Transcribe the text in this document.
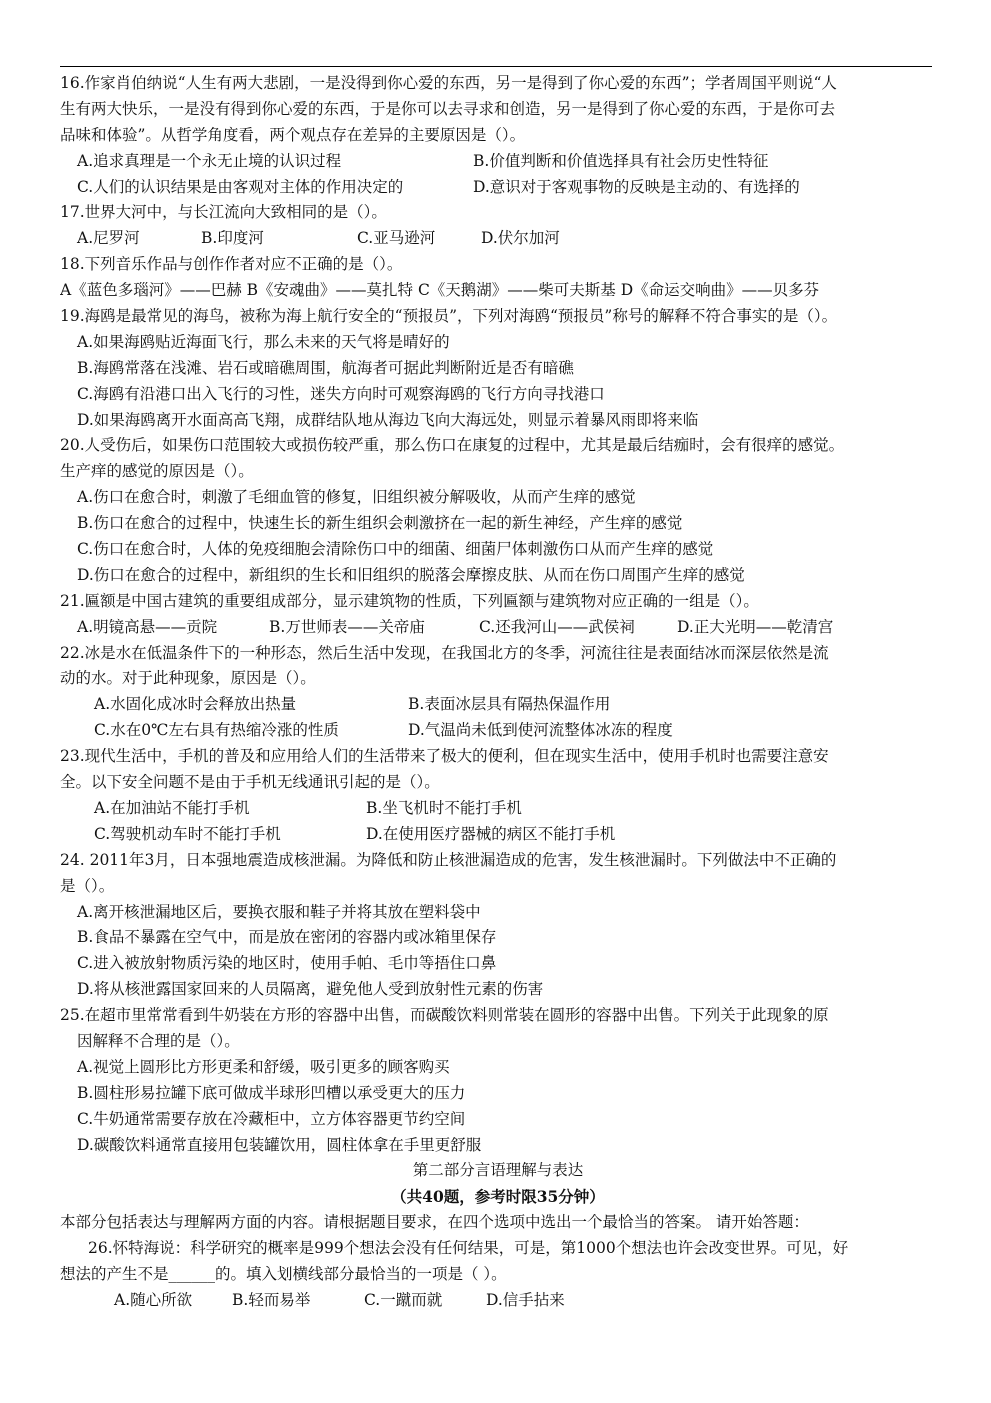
16.作家肖伯纳说“人生有两大悲剧，一是没得到你心爱的东西，另一是得到了你心爱的东西”；学者周国平则说“人
生有两大快乐，一是没有得到你心爱的东西，于是你可以去寻求和创造，另一是得到了你心爱的东西，于是你可去
品味和体验”。从哲学角度看，两个观点存在差异的主要原因是（）。
A.追求真理是一个永无止境的认识过程	B.价值判断和价值选择具有社会历史性特征
C.人们的认识结果是由客观对主体的作用决定的	D.意识对于客观事物的反映是主动的、有选择的
17.世界大河中，与长江流向大致相同的是（）。
A.尼罗河	B.印度河	C.亚马逊河	D.伏尔加河
18.下列音乐作品与创作作者对应不正确的是（）。
A《蓝色多瑙河》——巴赫 B《安魂曲》——莫扎特 C《天鹅湖》——柴可夫斯基 D《命运交响曲》——贝多芬
19.海鸥是最常见的海鸟，被称为海上航行安全的“预报员”，下列对海鸥“预报员”称号的解释不符合事实的是（）。
A.如果海鸥贴近海面飞行，那么未来的天气将是晴好的
B.海鸥常落在浅滩、岩石或暗礁周围，航海者可据此判断附近是否有暗礁
C.海鸥有沿港口出入飞行的习性，迷失方向时可观察海鸥的飞行方向寻找港口
D.如果海鸥离开水面高高飞翔，成群结队地从海边飞向大海远处，则显示着暴风雨即将来临
20.人受伤后，如果伤口范围较大或损伤较严重，那么伤口在康复的过程中，尤其是最后结痂时，会有很痒的感觉。
生产痒的感觉的原因是（）。
A.伤口在愈合时，刺激了毛细血管的修复，旧组织被分解吸收，从而产生痒的感觉
B.伤口在愈合的过程中，快速生长的新生组织会刺激挤在一起的新生神经，产生痒的感觉
C.伤口在愈合时，人体的免疫细胞会清除伤口中的细菌、细菌尸体刺激伤口从而产生痒的感觉
D.伤口在愈合的过程中，新组织的生长和旧组织的脱落会摩擦皮肤、从而在伤口周围产生痒的感觉
21.匾额是中国古建筑的重要组成部分，显示建筑物的性质，下列匾额与建筑物对应正确的一组是（）。
A.明镜高悬——贡院	B.万世师表——关帝庙	C.还我河山——武侯祠	D.正大光明——乾清宫
22.冰是水在低温条件下的一种形态，然后生活中发现，在我国北方的冬季，河流往往是表面结冰而深层依然是流
动的水。对于此种现象，原因是（）。
A.水固化成冰时会释放出热量	B.表面冰层具有隔热保温作用
C.水在0℃左右具有热缩冷涨的性质	D.气温尚未低到使河流整体冰冻的程度
23.现代生活中，手机的普及和应用给人们的生活带来了极大的便利，但在现实生活中，使用手机时也需要注意安
全。以下安全问题不是由于手机无线通讯引起的是（）。
A.在加油站不能打手机	B.坐飞机时不能打手机
C.驾驶机动车时不能打手机	D.在使用医疗器械的病区不能打手机
24. 2011年3月，日本强地震造成核泄漏。为降低和防止核泄漏造成的危害，发生核泄漏时。下列做法中不正确的
是（）。
A.离开核泄漏地区后，要换衣服和鞋子并将其放在塑料袋中
B.食品不暴露在空气中，而是放在密闭的容器内或冰箱里保存
C.进入被放射物质污染的地区时，使用手帕、毛巾等捂住口鼻
D.将从核泄露国家回来的人员隔离，避免他人受到放射性元素的伤害
25.在超市里常常看到牛奶装在方形的容器中出售，而碳酸饮料则常装在圆形的容器中出售。下列关于此现象的原
因解释不合理的是（）。
A.视觉上圆形比方形更柔和舒缓，吸引更多的顾客购买
B.圆柱形易拉罐下底可做成半球形凹槽以承受更大的压力
C.牛奶通常需要存放在冷藏柜中，立方体容器更节约空间
D.碳酸饮料通常直接用包装罐饮用，圆柱体拿在手里更舒服
第二部分言语理解与表达
（共40题，参考时限35分钟）
本部分包括表达与理解两方面的内容。请根据题目要求，在四个选项中选出一个最恰当的答案。 请开始答题：
26.怀特海说：科学研究的概率是999个想法会没有任何结果，可是，第1000个想法也许会改变世界。可见，好
想法的产生不是______的。填入划横线部分最恰当的一项是（ ）。
A.随心所欲	B.轻而易举	C.一蹴而就	D.信手拈来
